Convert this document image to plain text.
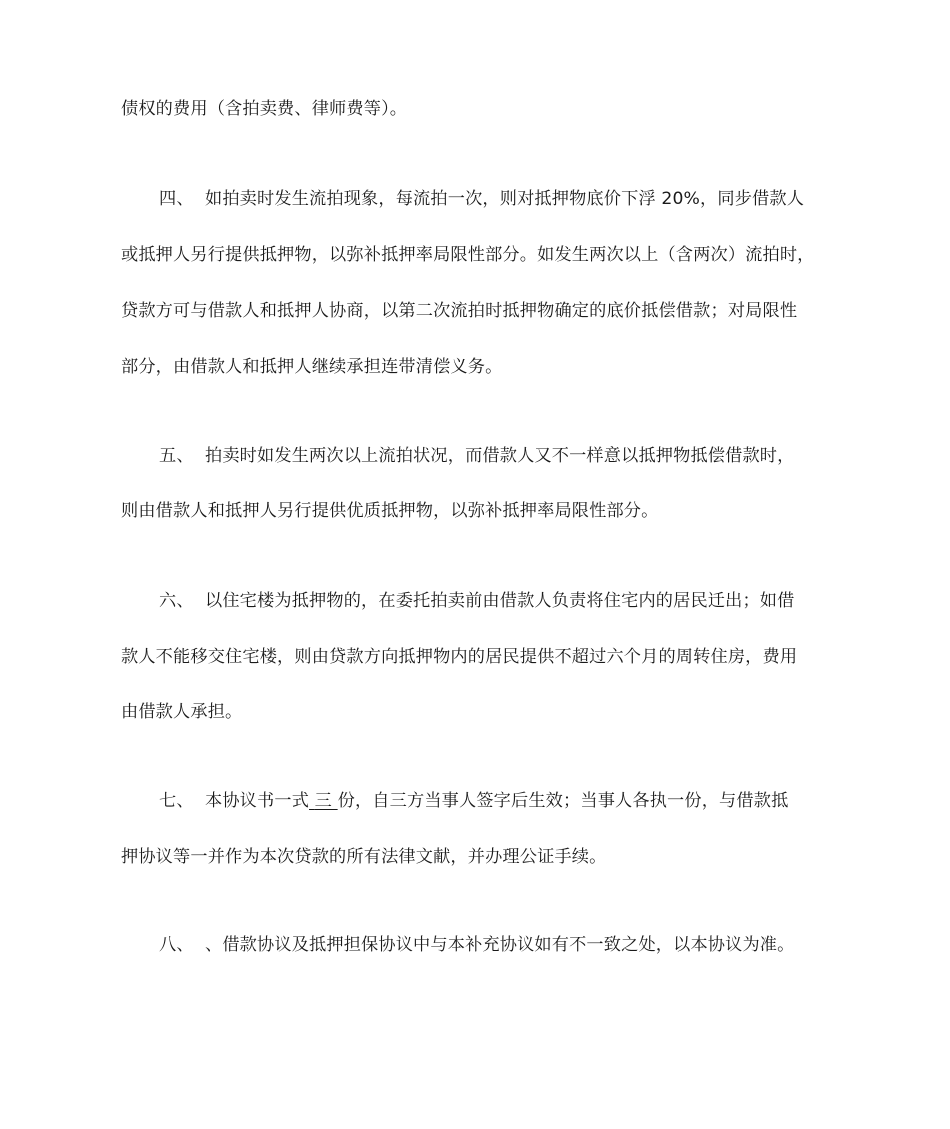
债权的费用（含拍卖费、律师费等）。
四、 如拍卖时发生流拍现象，每流拍一次，则对抵押物底价下浮 20%，同步借款人
或抵押人另行提供抵押物，以弥补抵押率局限性部分。如发生两次以上（含两次）流拍时，
贷款方可与借款人和抵押人协商，以第二次流拍时抵押物确定的底价抵偿借款；对局限性
部分，由借款人和抵押人继续承担连带清偿义务。
五、 拍卖时如发生两次以上流拍状况，而借款人又不一样意以抵押物抵偿借款时，
则由借款人和抵押人另行提供优质抵押物，以弥补抵押率局限性部分。
六、 以住宅楼为抵押物的，在委托拍卖前由借款人负责将住宅内的居民迁出；如借
款人不能移交住宅楼，则由贷款方向抵押物内的居民提供不超过六个月的周转住房，费用
由借款人承担。
七、 本协议书一式 三 份，自三方当事人签字后生效；当事人各执一份，与借款抵
押协议等一并作为本次贷款的所有法律文献，并办理公证手续。
八、 、借款协议及抵押担保协议中与本补充协议如有不一致之处，以本协议为准。
